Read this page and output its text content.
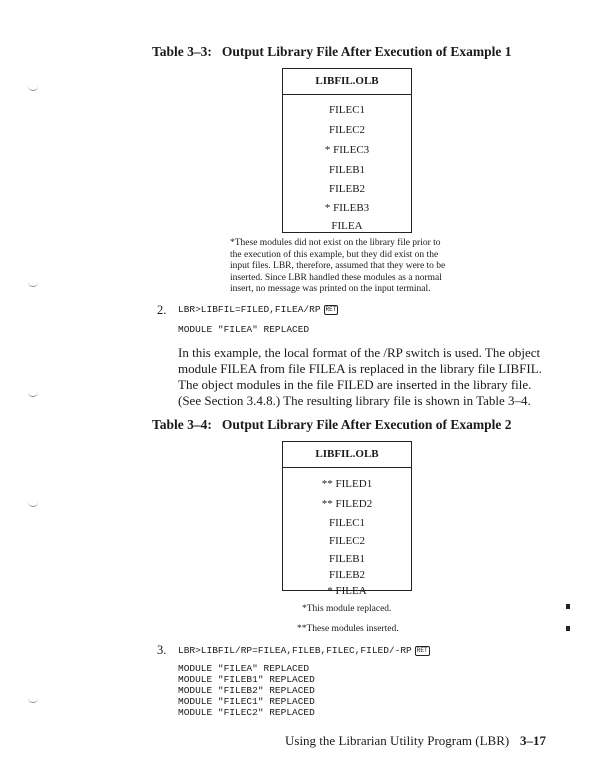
Table 3–3: Output Library File After Execution of Example 1
LIBFIL.OLB
FILEC1
FILEC2
* FILEC3
FILEB1
FILEB2
* FILEB3
FILEA
*These modules did not exist on the library file prior to
the execution of this example, but they did exist on the
input files. LBR, therefore, assumed that they were to be
inserted. Since LBR handled these modules as a normal
insert, no message was printed on the input terminal.
2. LBR>LIBFIL=FILED,FILEA/RP RET
MODULE "FILEA" REPLACED
In this example, the local format of the /RP switch is used. The object
module FILEA from file FILEA is replaced in the library file LIBFIL.
The object modules in the file FILED are inserted in the library file.
(See Section 3.4.8.) The resulting library file is shown in Table 3–4.
Table 3–4: Output Library File After Execution of Example 2
LIBFIL.OLB
** FILED1
** FILED2
FILEC1
FILEC2
FILEB1
FILEB2
* FILEA
*This module replaced.
**These modules inserted.
3. LBR>LIBFIL/RP=FILEA,FILEB,FILEC,FILED/-RP RET
MODULE "FILEA" REPLACED
MODULE "FILEB1" REPLACED
MODULE "FILEB2" REPLACED
MODULE "FILEC1" REPLACED
MODULE "FILEC2" REPLACED
Using the Librarian Utility Program (LBR) 3–17
